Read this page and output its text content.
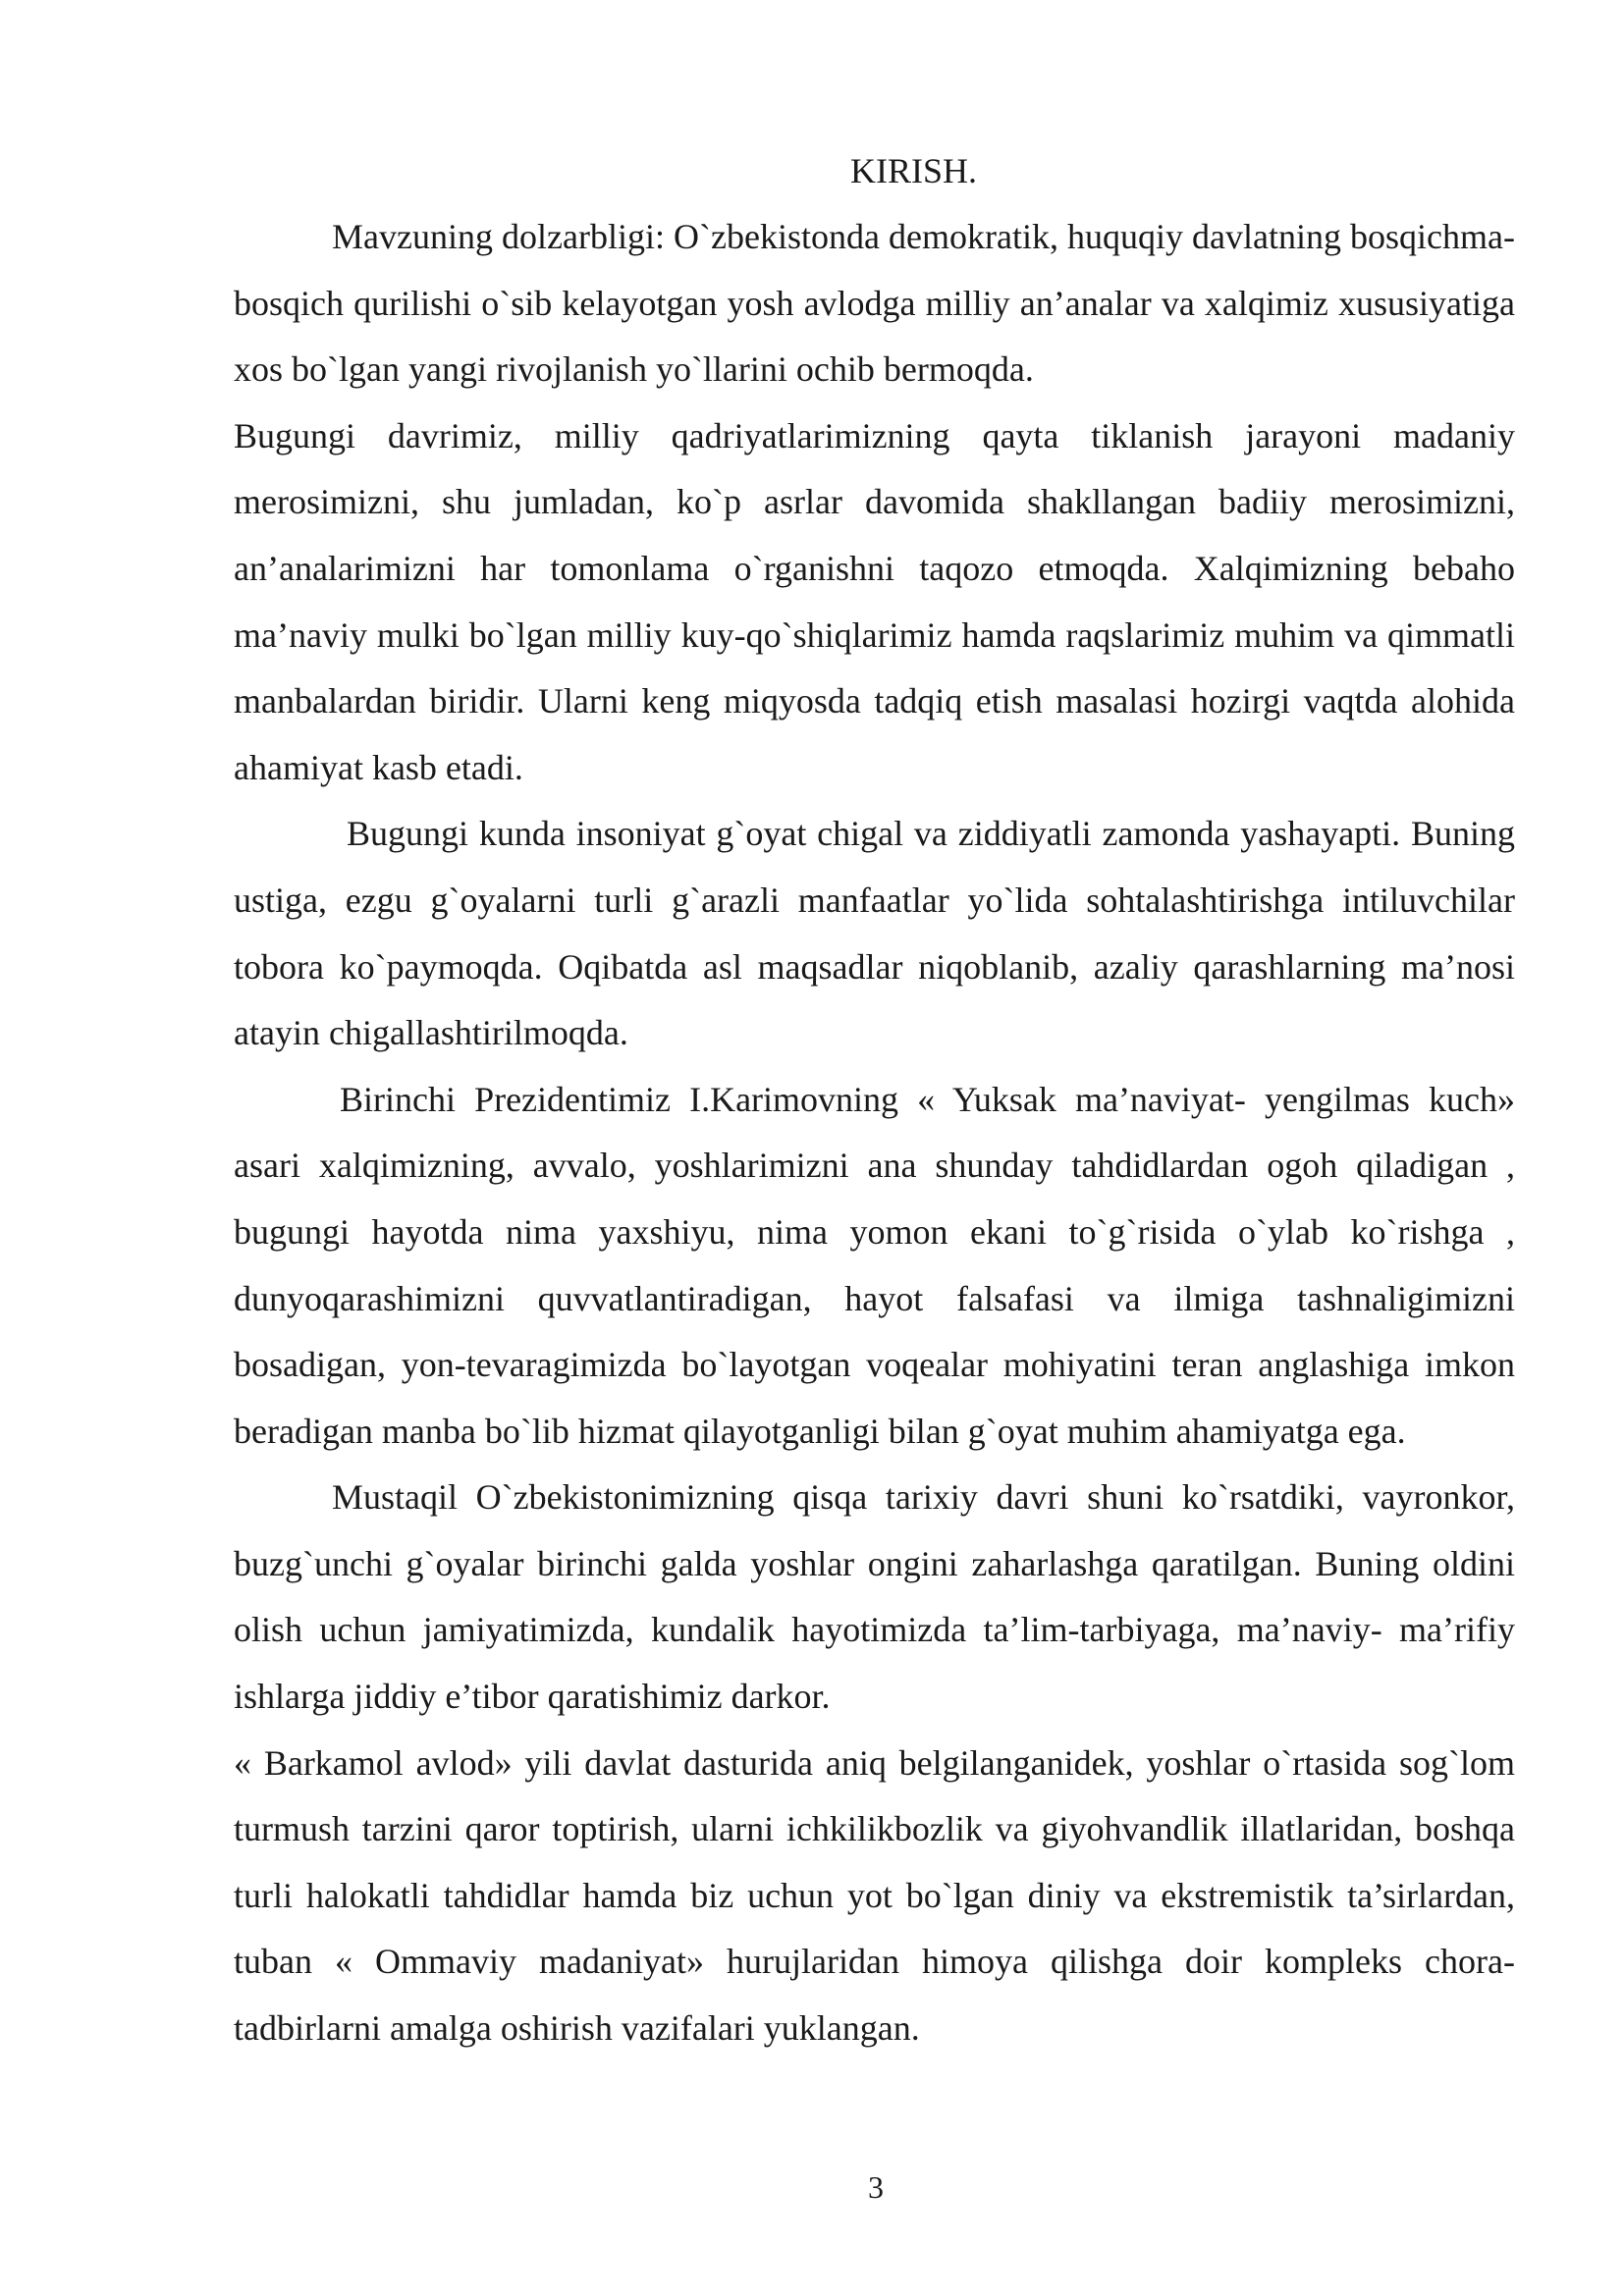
KIRISH.

Mavzuning dolzarbligi: O`zbekistonda demokratik, huquqiy davlatning bosqichma-bosqich qurilishi o`sib kelayotgan yosh avlodga milliy an’analar va xalqimiz xususiyatiga xos bo`lgan yangi rivojlanish yo`llarini ochib bermoqda.

Bugungi davrimiz, milliy qadriyatlarimizning qayta tiklanish jarayoni madaniy merosimizni, shu jumladan, ko`p asrlar davomida shakllangan badiiy merosimizni, an’analarimizni har tomonlama o`rganishni taqozo etmoqda. Xalqimizning bebaho ma’naviy mulki bo`lgan milliy kuy-qo`shiqlarimiz hamda raqslarimiz muhim va qimmatli manbalardan biridir. Ularni keng miqyosda tadqiq etish masalasi hozirgi vaqtda alohida ahamiyat kasb etadi.

Bugungi kunda insoniyat g`oyat chigal va ziddiyatli zamonda yashayapti. Buning ustiga, ezgu g`oyalarni turli g`arazli manfaatlar yo`lida sohtalashtirishga intiluvchilar tobora ko`paymoqda. Oqibatda asl maqsadlar niqoblanib, azaliy qarashlarning ma’nosi atayin chigallashtirilmoqda.

Birinchi Prezidentimiz I.Karimovning « Yuksak ma’naviyat- yengilmas kuch» asari xalqimizning, avvalo, yoshlarimizni ana shunday tahdidlardan ogoh qiladigan , bugungi hayotda nima yaxshiyu, nima yomon ekani to`g`risida o`ylab ko`rishga , dunyoqarashimizni quvvatlantiradigan, hayot falsafasi va ilmiga tashnaligimizni bosadigan, yon-tevaragimizda bo`layotgan voqealar mohiyatini teran anglashiga imkon beradigan manba bo`lib hizmat qilayotganligi bilan g`oyat muhim ahamiyatga ega.

Mustaqil O`zbekistonimizning qisqa tarixiy davri shuni ko`rsatdiki, vayronkor, buzg`unchi g`oyalar birinchi galda yoshlar ongini zaharlashga qaratilgan. Buning oldini olish uchun jamiyatimizda, kundalik hayotimizda ta’lim-tarbiyaga, ma’naviy- ma’rifiy ishlarga jiddiy e’tibor qaratishimiz darkor.

« Barkamol avlod» yili davlat dasturida aniq belgilanganidek, yoshlar o`rtasida sog`lom turmush tarzini qaror toptirish, ularni ichkilikbozlik va giyohvandlik illatlaridan, boshqa turli halokatli tahdidlar hamda biz uchun yot bo`lgan diniy va ekstremistik ta’sirlardan, tuban « Ommaviy madaniyat» hurujlaridan himoya qilishga doir kompleks chora-tadbirlarni amalga oshirish vazifalari yuklangan.

3
